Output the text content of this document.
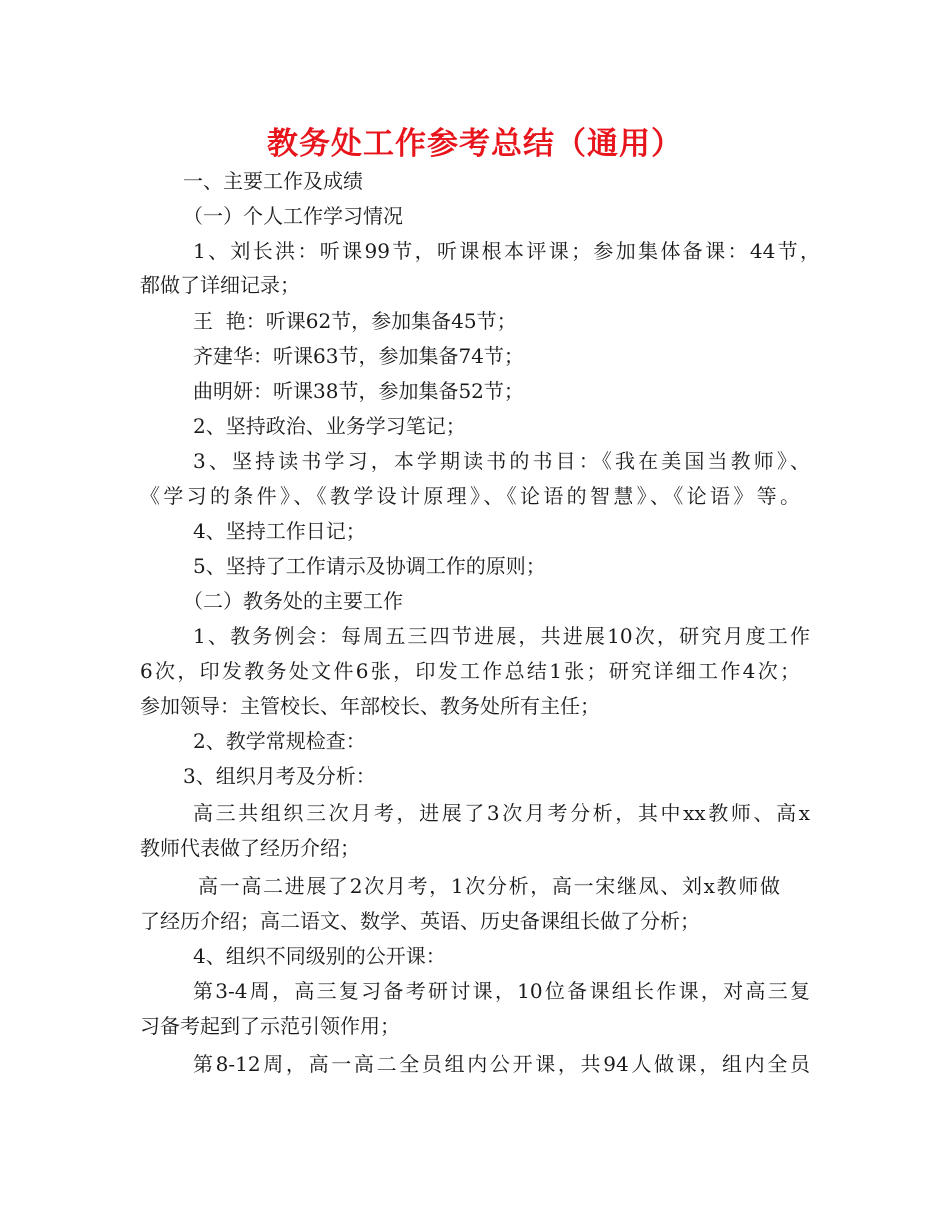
教务处工作参考总结（通用）
一、主要工作及成绩
（一）个人工作学习情况
1、刘长洪：听课99节，听课根本评课；参加集体备课：44节，
都做了详细记录；
王  艳：听课62节，参加集备45节；
齐建华：听课63节，参加集备74节；
曲明妍：听课38节，参加集备52节；
2、坚持政治、业务学习笔记；
3、坚持读书学习，本学期读书的书目：《我在美国当教师》、
《学习的条件》、《教学设计原理》、《论语的智慧》、《论语》等。
4、坚持工作日记；
5、坚持了工作请示及协调工作的原则；
（二）教务处的主要工作
1、教务例会：每周五三四节进展，共进展10次，研究月度工作
6次，印发教务处文件6张，印发工作总结1张；研究详细工作4次；
参加领导：主管校长、年部校长、教务处所有主任；
2、教学常规检查：
3、组织月考及分析：
高三共组织三次月考，进展了3次月考分析，其中xx教师、高x
教师代表做了经历介绍；
高一高二进展了2次月考，1次分析，高一宋继凤、刘x教师做
了经历介绍；高二语文、数学、英语、历史备课组长做了分析；
4、组织不同级别的公开课：
第3-4周，高三复习备考研讨课，10位备课组长作课，对高三复
习备考起到了示范引领作用；
第8-12周，高一高二全员组内公开课，共94人做课，组内全员
